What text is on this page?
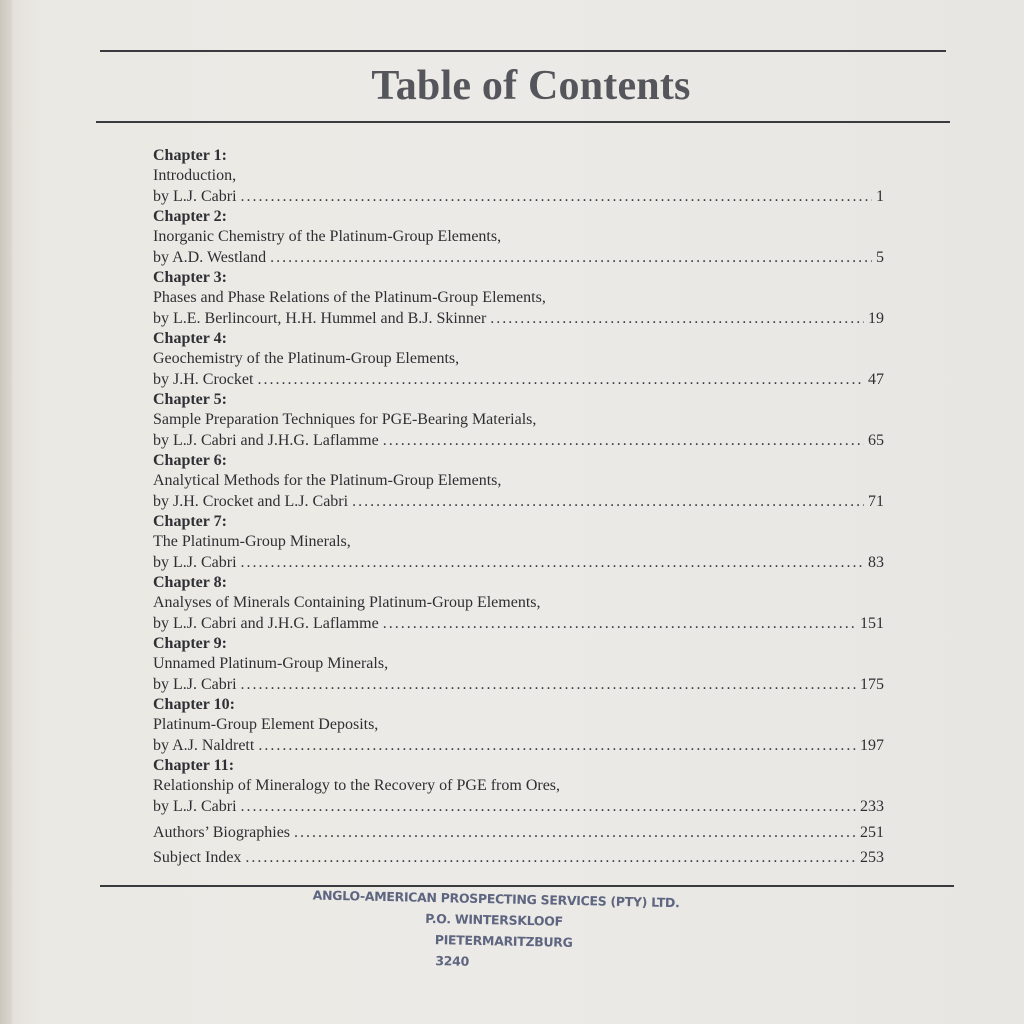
Table of Contents
Chapter 1:
Introduction,
by L.J. Cabri . . .	1
Chapter 2:
Inorganic Chemistry of the Platinum-Group Elements,
by A.D. Westland . . .	5
Chapter 3:
Phases and Phase Relations of the Platinum-Group Elements,
by L.E. Berlincourt, H.H. Hummel and B.J. Skinner . . .	19
Chapter 4:
Geochemistry of the Platinum-Group Elements,
by J.H. Crocket . . .	47
Chapter 5:
Sample Preparation Techniques for PGE-Bearing Materials,
by L.J. Cabri and J.H.G. Laflamme . . .	65
Chapter 6:
Analytical Methods for the Platinum-Group Elements,
by J.H. Crocket and L.J. Cabri . . .	71
Chapter 7:
The Platinum-Group Minerals,
by L.J. Cabri . . .	83
Chapter 8:
Analyses of Minerals Containing Platinum-Group Elements,
by L.J. Cabri and J.H.G. Laflamme . . .	151
Chapter 9:
Unnamed Platinum-Group Minerals,
by L.J. Cabri . . .	175
Chapter 10:
Platinum-Group Element Deposits,
by A.J. Naldrett . . .	197
Chapter 11:
Relationship of Mineralogy to the Recovery of PGE from Ores,
by L.J. Cabri . . .	233
Authors’ Biographies . . .	251
Subject Index . . .	253
ANGLO-AMERICAN PROSPECTING SERVICES (PTY) LTD.
P.O. WINTERSKLOOF
PIETERMARITZBURG
3240
